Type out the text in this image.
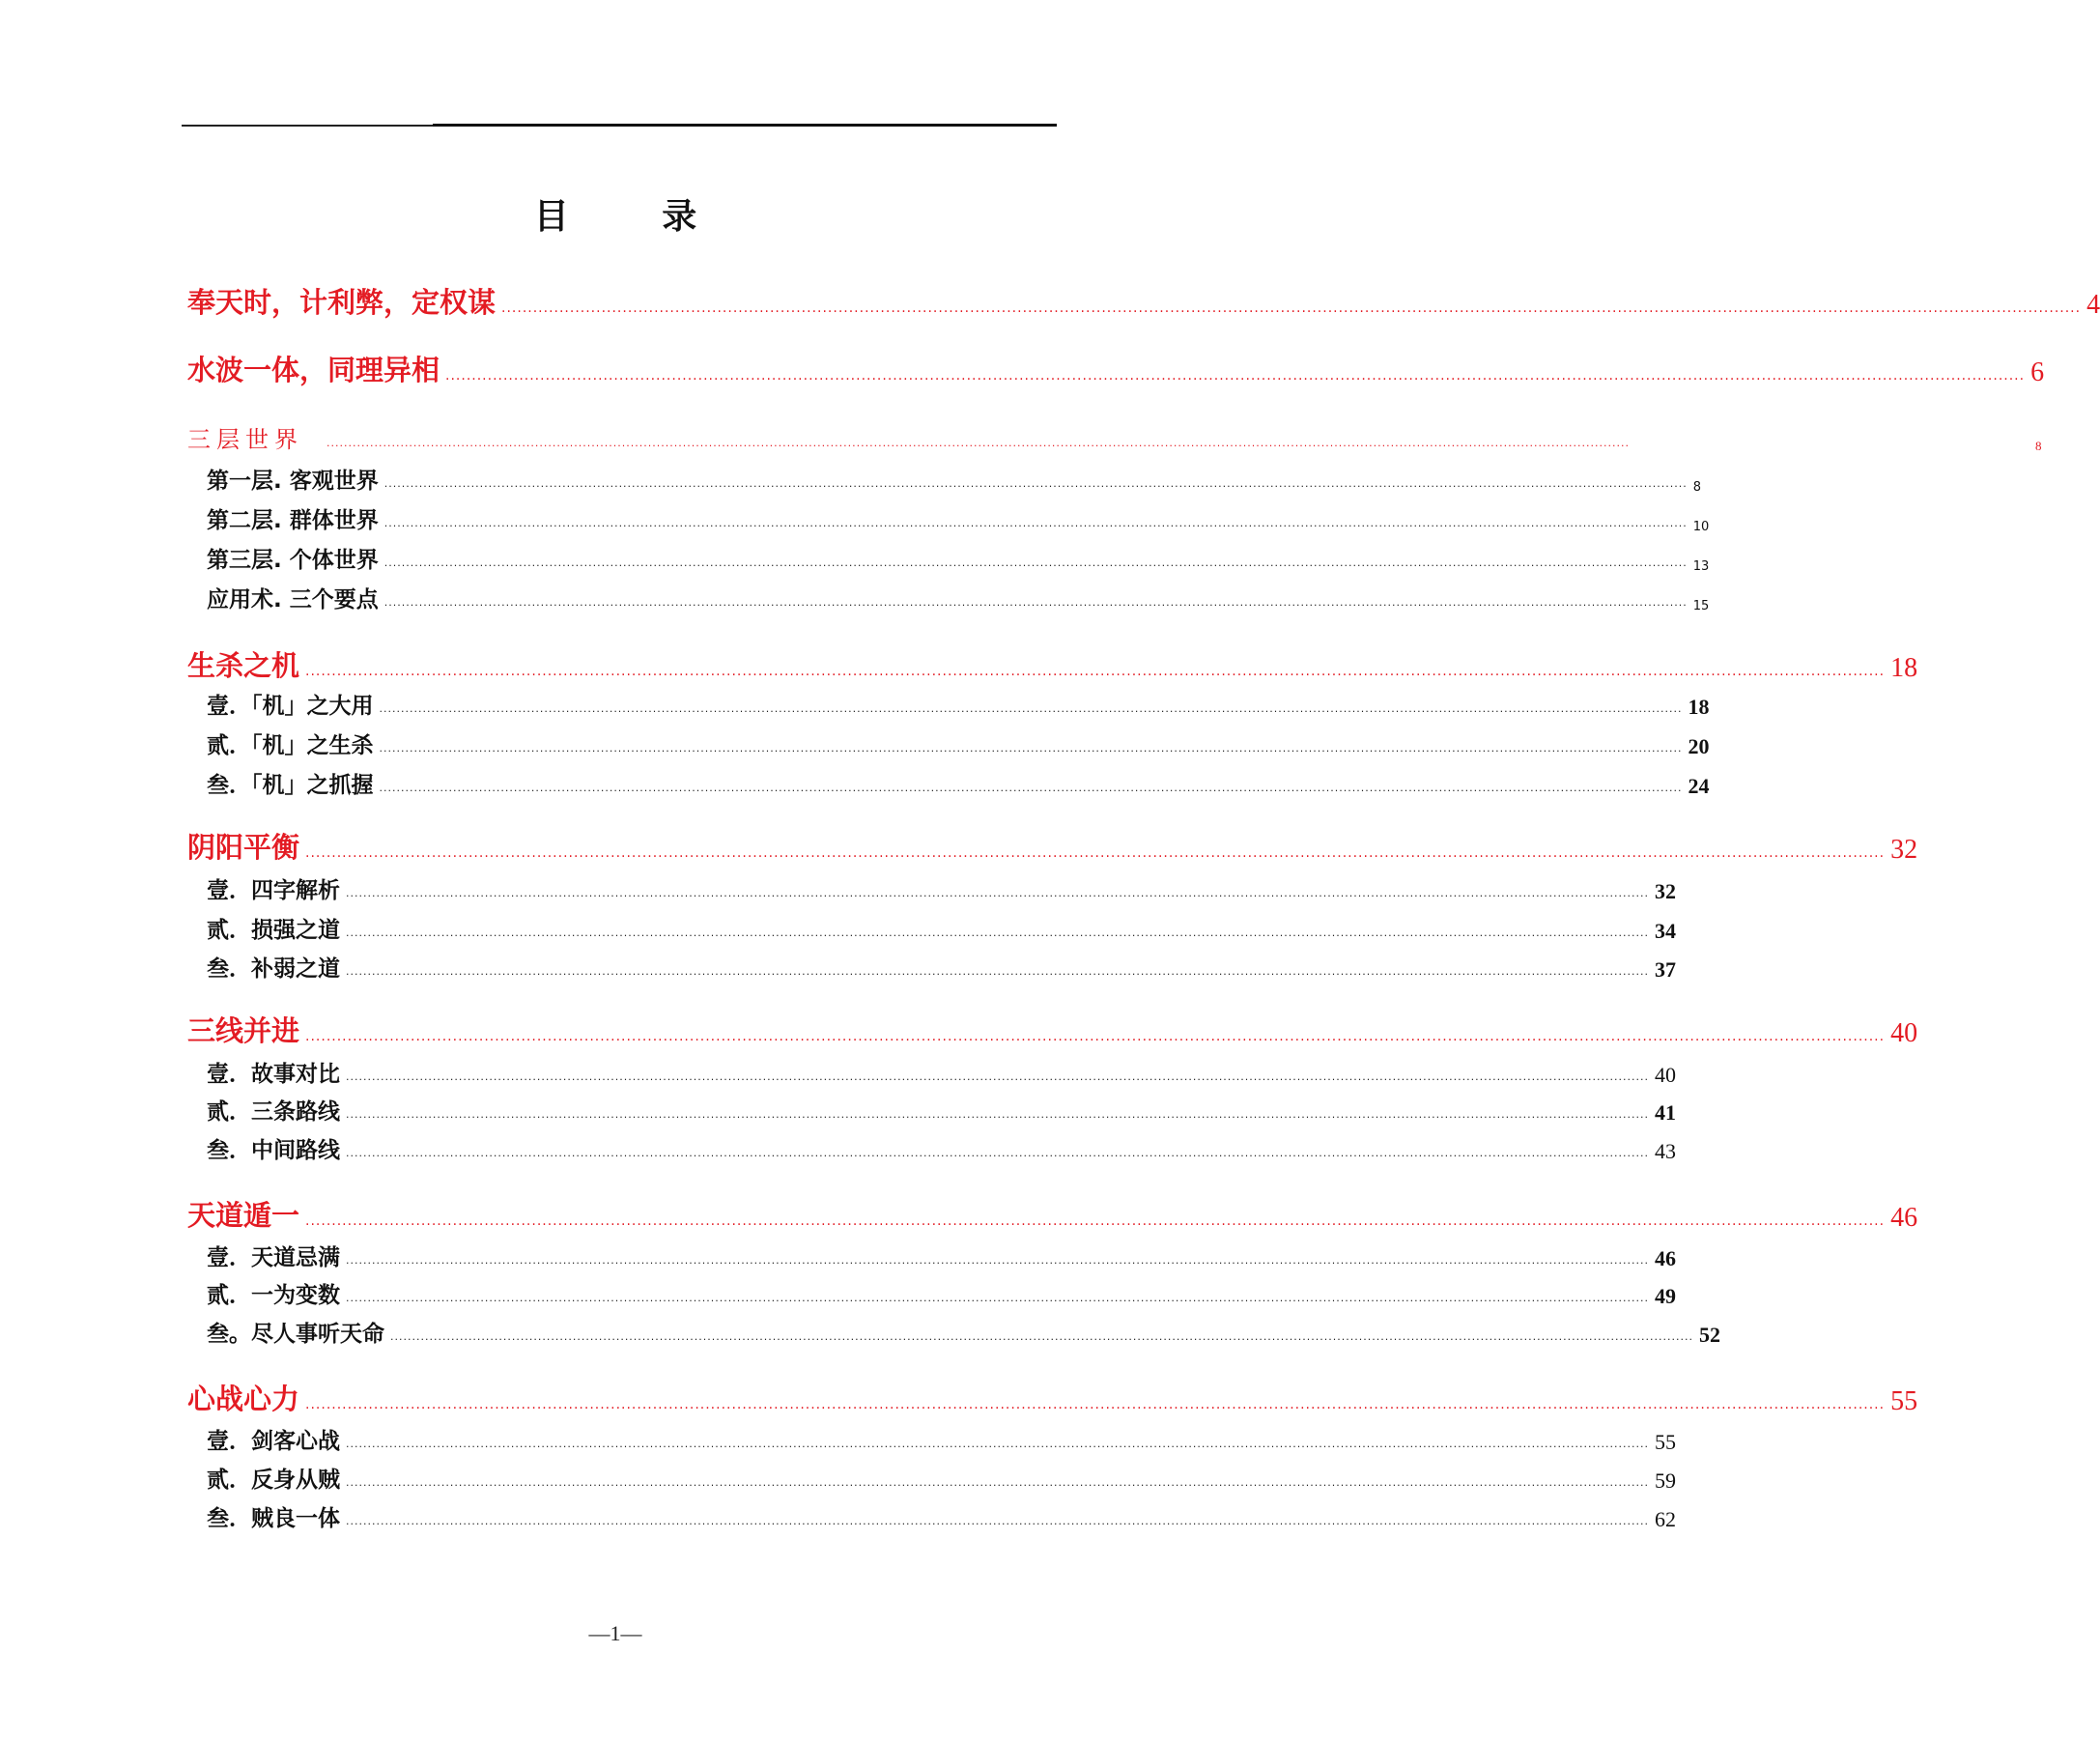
目 录
奉天时，计利弊，定权谋 ............................................................................................................................................................................................................................................................................................................ 4
水波一体，同理异相 ............................................................................................................................................................................................................................................................................................................ 6
三层世界 ............................................................................................................................................................................................................................................................................................................	8
第一层. 客观世界 ............................................................................................................................................................................................................................................................................................................ 8
第二层. 群体世界 ............................................................................................................................................................................................................................................................................................................ 10
第三层. 个体世界 ............................................................................................................................................................................................................................................................................................................ 13
应用术. 三个要点 ............................................................................................................................................................................................................................................................................................................ 15
生杀之机 ............................................................................................................................................................................................................................................................................................................ 18
壹．「机」之大用 ............................................................................................................................................................................................................................................................................................................ 18
贰．「机」之生杀 ............................................................................................................................................................................................................................................................................................................ 20
叁．「机」之抓握 ............................................................................................................................................................................................................................................................................................................ 24
阴阳平衡 ............................................................................................................................................................................................................................................................................................................ 32
壹．四字解析 ............................................................................................................................................................................................................................................................................................................ 32
贰．损强之道 ............................................................................................................................................................................................................................................................................................................ 34
叁．补弱之道 ............................................................................................................................................................................................................................................................................................................ 37
三线并进 ............................................................................................................................................................................................................................................................................................................ 40
壹．故事对比 ............................................................................................................................................................................................................................................................................................................ 40
贰．三条路线 ............................................................................................................................................................................................................................................................................................................ 41
叁．中间路线 ............................................................................................................................................................................................................................................................................................................ 43
天道遁一 ............................................................................................................................................................................................................................................................................................................ 46
壹．天道忌满 ............................................................................................................................................................................................................................................................................................................ 46
贰．一为变数 ............................................................................................................................................................................................................................................................................................................ 49
叁。尽人事听天命 ............................................................................................................................................................................................................................................................................................................ 52
心战心力 ............................................................................................................................................................................................................................................................................................................ 55
壹．剑客心战 ............................................................................................................................................................................................................................................................................................................ 55
贰．反身从贼 ............................................................................................................................................................................................................................................................................................................ 59
叁．贼良一体 ............................................................................................................................................................................................................................................................................................................ 62
—1—
